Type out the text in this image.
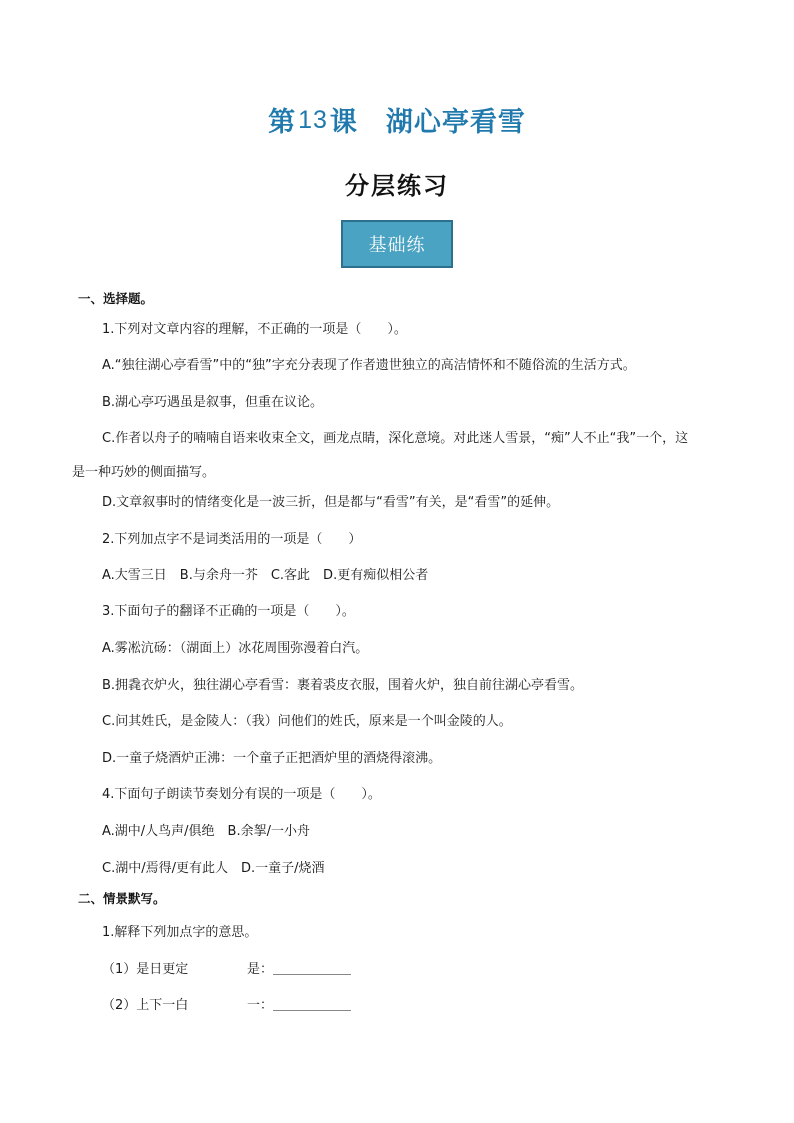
第13课 湖心亭看雪
分层练习
基础练
一、选择题。
1.下列对文章内容的理解，不正确的一项是（　　）。
A.“独往湖心亭看雪”中的“独”字充分表现了作者遗世独立的高洁情怀和不随俗流的生活方式。
B.湖心亭巧遇虽是叙事，但重在议论。
C.作者以舟子的喃喃自语来收束全文，画龙点睛，深化意境。对此迷人雪景，“痴”人不止“我”一个，这
是一种巧妙的侧面描写。
D.文章叙事时的情绪变化是一波三折，但是都与“看雪”有关，是“看雪”的延伸。
2.下列加点字不是词类活用的一项是（　　）
A.大雪三日　B.与余舟一芥　C.客此　D.更有痴似相公者
3.下面句子的翻译不正确的一项是（　　）。
A.雾凇沆砀：（湖面上）冰花周围弥漫着白汽。
B.拥毳衣炉火，独往湖心亭看雪：裹着裘皮衣服，围着火炉，独自前往湖心亭看雪。
C.问其姓氏，是金陵人：（我）问他们的姓氏，原来是一个叫金陵的人。
D.一童子烧酒炉正沸：一个童子正把酒炉里的酒烧得滚沸。
4.下面句子朗读节奏划分有误的一项是（　　）。
A.湖中/人鸟声/俱绝　B.余挐/一小舟
C.湖中/焉得/更有此人　D.一童子/烧酒
二、情景默写。
1.解释下列加点字的意思。
（1）是日更定	是：＿＿＿＿＿＿
（2）上下一白	一：＿＿＿＿＿＿
